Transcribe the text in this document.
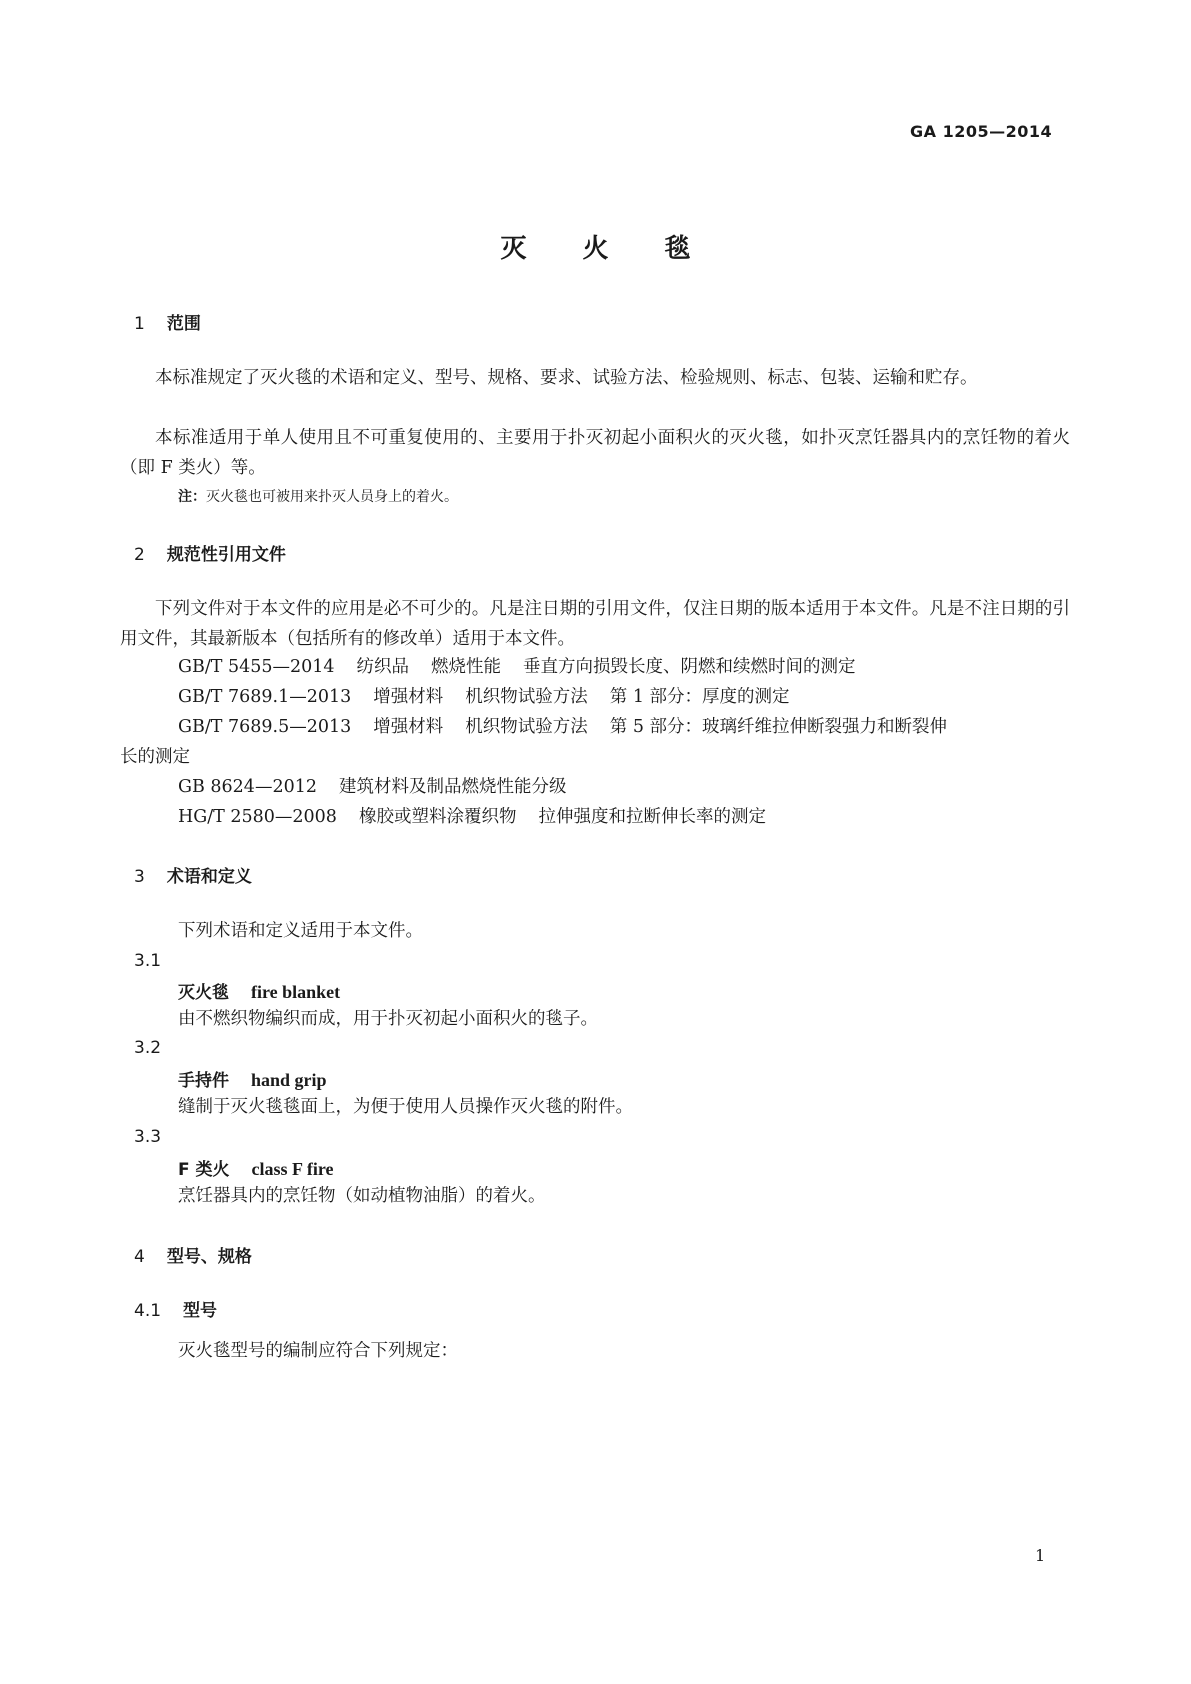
GA 1205—2014
灭 火 毯
1 范围
本标准规定了灭火毯的术语和定义、型号、规格、要求、试验方法、检验规则、标志、包装、运输和贮存。
本标准适用于单人使用且不可重复使用的、主要用于扑灭初起小面积火的灭火毯，如扑灭烹饪器具内的烹饪物的着火（即 F 类火）等。
注：灭火毯也可被用来扑灭人员身上的着火。
2 规范性引用文件
下列文件对于本文件的应用是必不可少的。凡是注日期的引用文件，仅注日期的版本适用于本文件。凡是不注日期的引用文件，其最新版本（包括所有的修改单）适用于本文件。
GB/T 5455—2014 纺织品 燃烧性能 垂直方向损毁长度、阴燃和续燃时间的测定
GB/T 7689.1—2013 增强材料 机织物试验方法 第 1 部分：厚度的测定
GB/T 7689.5—2013 增强材料 机织物试验方法 第 5 部分：玻璃纤维拉伸断裂强力和断裂伸
长的测定
GB 8624—2012 建筑材料及制品燃烧性能分级
HG/T 2580—2008 橡胶或塑料涂覆织物 拉伸强度和拉断伸长率的测定
3 术语和定义
下列术语和定义适用于本文件。
3.1
灭火毯 fire blanket
由不燃织物编织而成，用于扑灭初起小面积火的毯子。
3.2
手持件 hand grip
缝制于灭火毯毯面上，为便于使用人员操作灭火毯的附件。
3.3
F 类火 class F fire
烹饪器具内的烹饪物（如动植物油脂）的着火。
4 型号、规格
4.1 型号
灭火毯型号的编制应符合下列规定：
1
